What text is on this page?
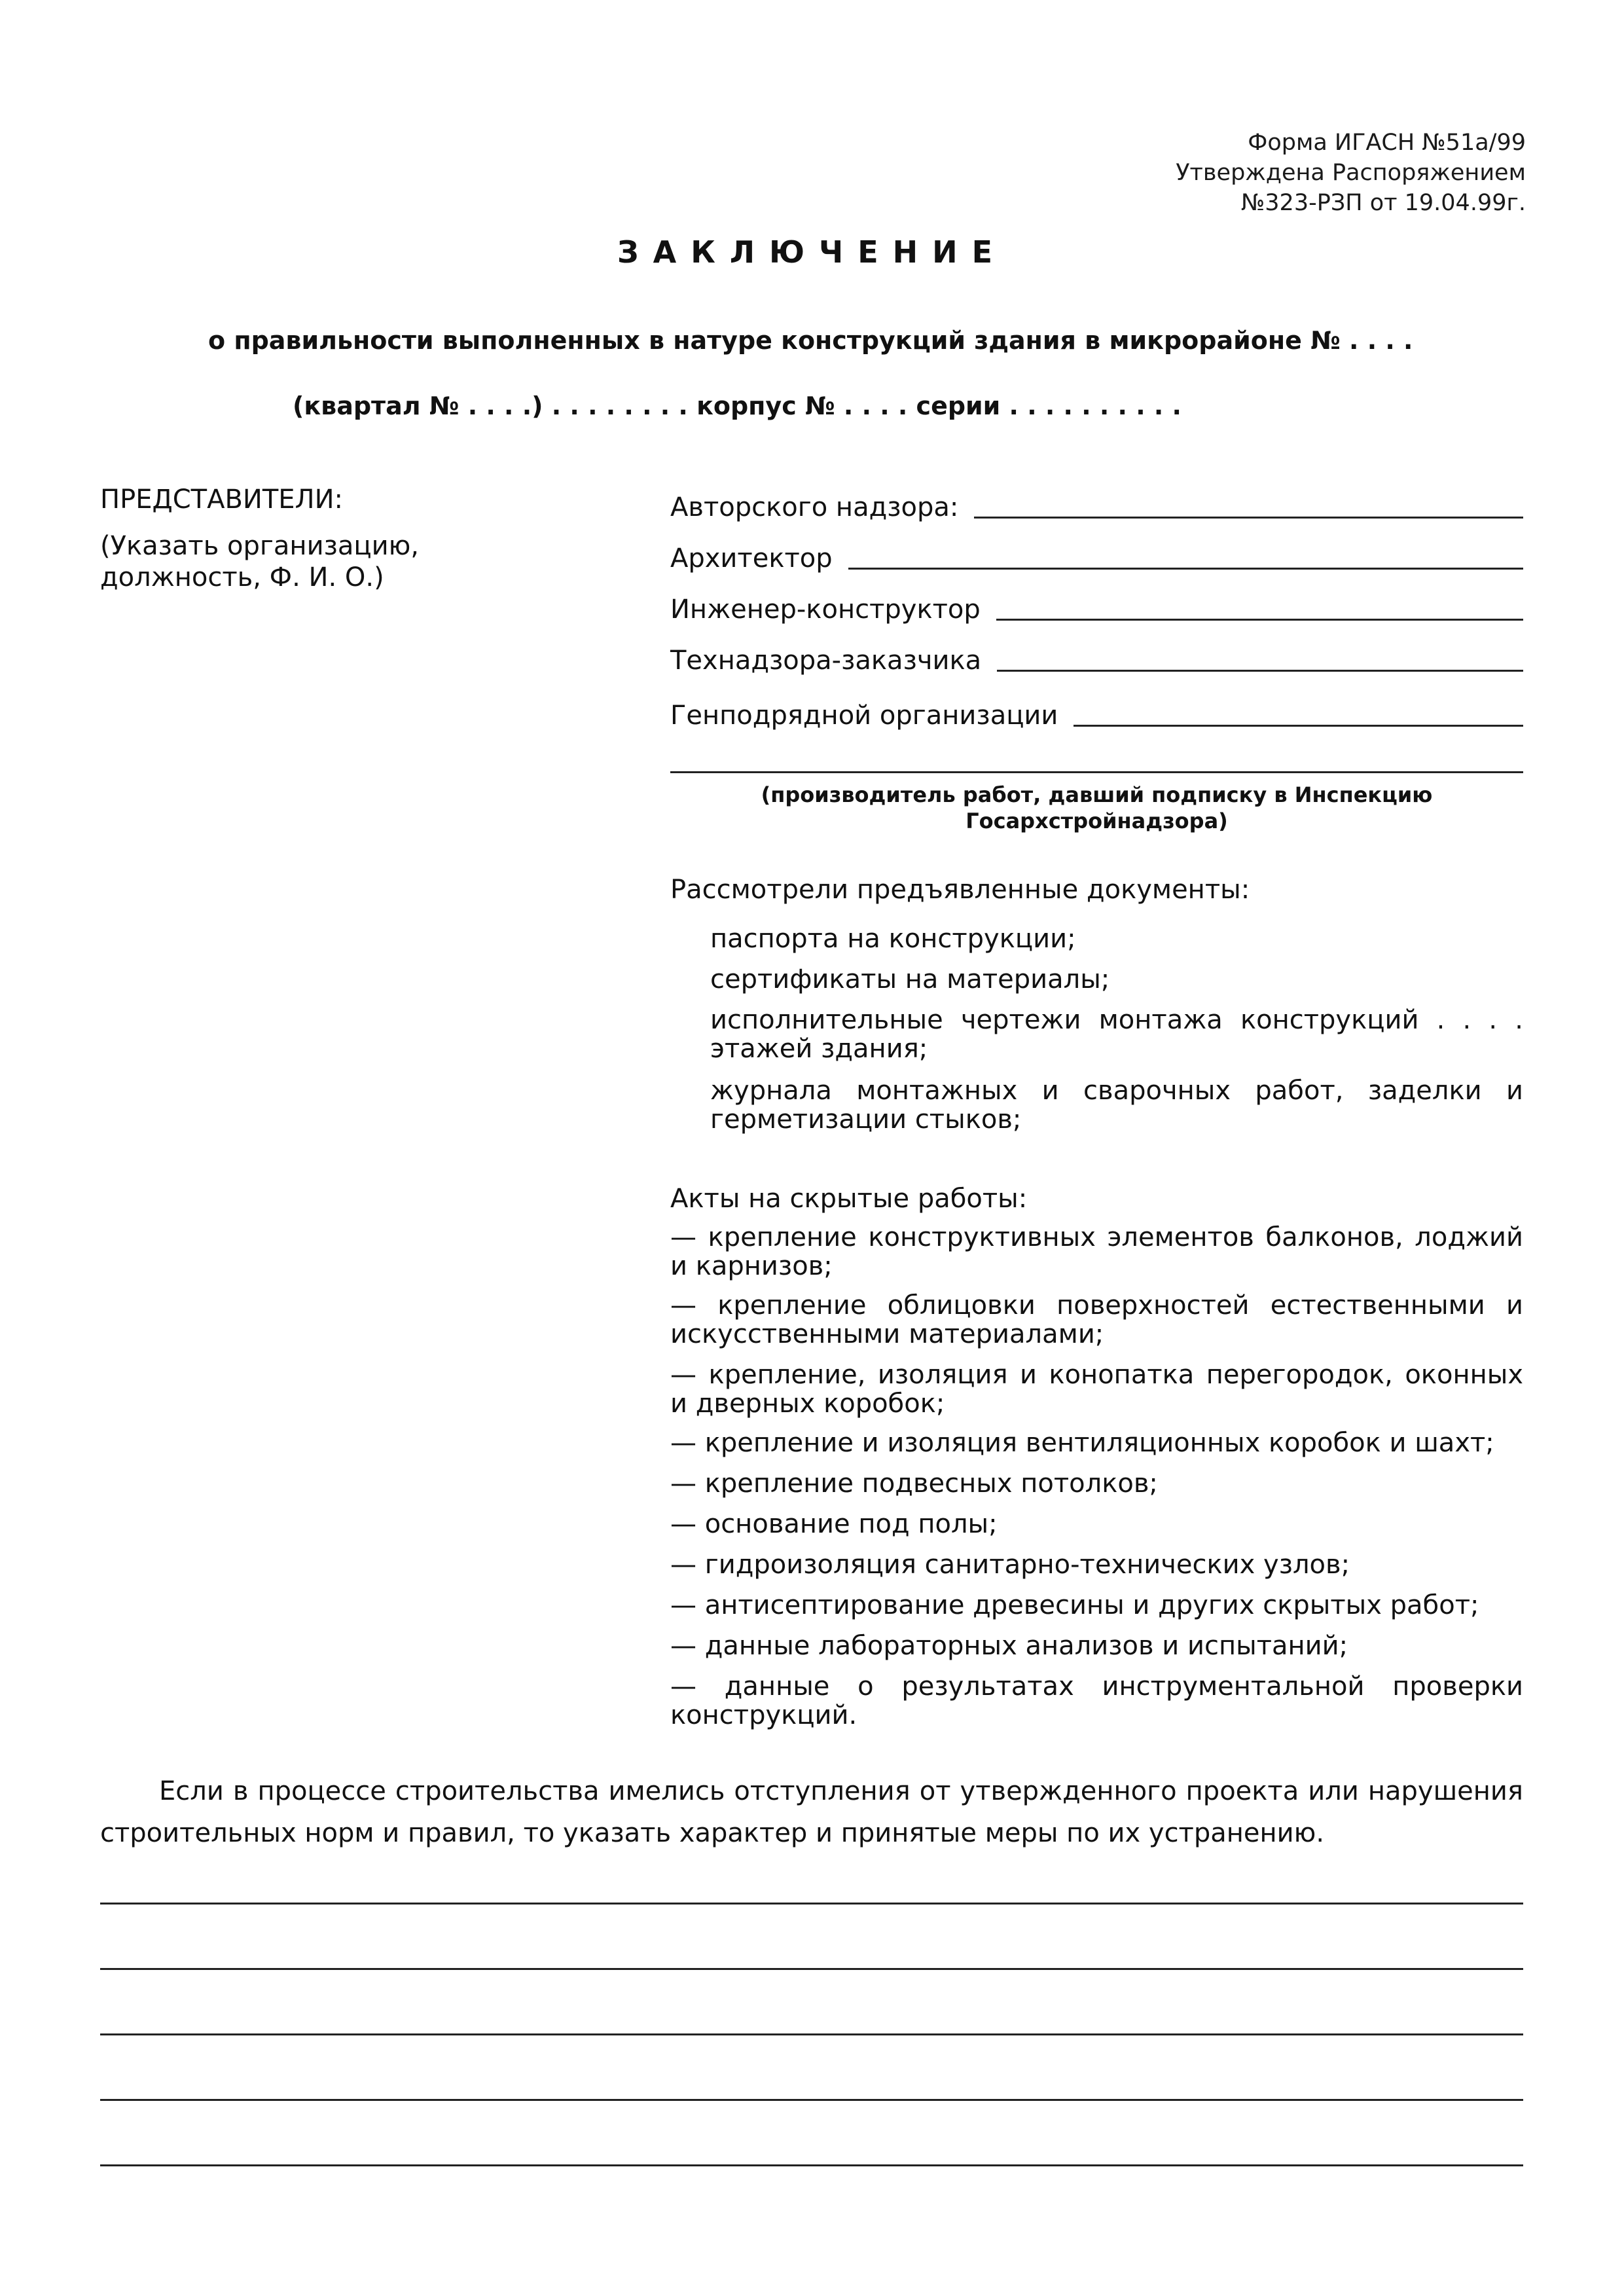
Форма ИГАСН №51а/99
Утверждена Распоряжением
№323-РЗП от 19.04.99г.
ЗАКЛЮЧЕНИЕ
о правильности выполненных в натуре конструкций здания в микрорайоне № . . . .
(квартал № . . . .) . . . . . . . . корпус № . . . . серии . . . . . . . . . .
ПРЕДСТАВИТЕЛИ:
(Указать организацию, должность, Ф. И. О.)
Авторского надзора:
Архитектор
Инженер-конструктор
Технадзора-заказчика
Генподрядной организации
(производитель работ, давший подписку в Инспекцию Госархстройнадзора)
Рассмотрели предъявленные документы:
паспорта на конструкции;
сертификаты на материалы;
исполнительные чертежи монтажа конструкций . . . . этажей здания;
журнала монтажных и сварочных работ, заделки и герметизации стыков;
Акты на скрытые работы:
— крепление конструктивных элементов балконов, лоджий и карнизов;
— крепление облицовки поверхностей естественными и искусственными материалами;
— крепление, изоляция и конопатка перегородок, оконных и дверных коробок;
— крепление и изоляция вентиляционных коробок и шахт;
— крепление подвесных потолков;
— основание под полы;
— гидроизоляция санитарно-технических узлов;
— антисептирование древесины и других скрытых работ;
— данные лабораторных анализов и испытаний;
— данные о результатах инструментальной проверки конструкций.
Если в процессе строительства имелись отступления от утвержденного проекта или нарушения строительных норм и правил, то указать характер и принятые меры по их устранению.
